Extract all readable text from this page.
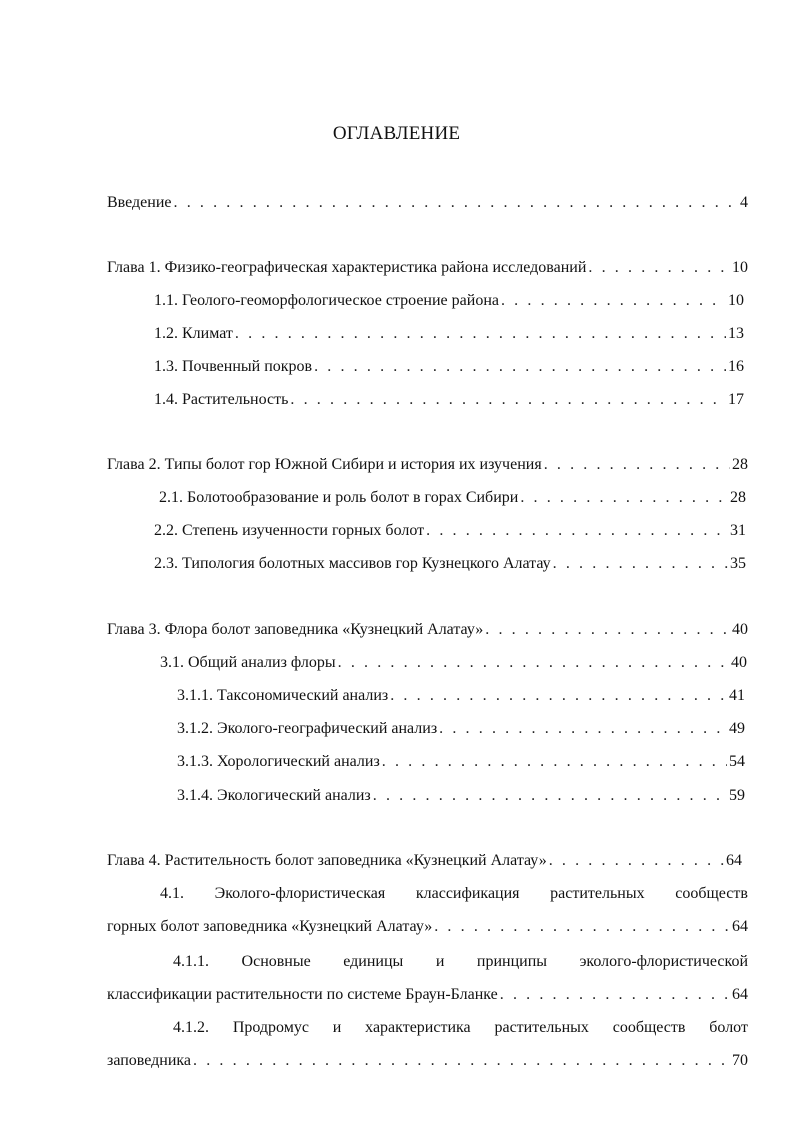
ОГЛАВЛЕНИЕ
Введение . . .	4
Глава 1. Физико-географическая характеристика района исследований . . .	10
1.1. Геолого-геоморфологическое строение района . . .	10
1.2. Климат . . .	13
1.3. Почвенный покров . . .	16
1.4. Растительность . . .	17
Глава 2. Типы болот гор Южной Сибири и история их изучения . . .	28
2.1. Болотообразование и роль болот в горах Сибири . . .	28
2.2. Степень изученности горных болот . . .	31
2.3. Типология болотных массивов гор Кузнецкого Алатау . . .	35
Глава 3. Флора болот заповедника «Кузнецкий Алатау» . . .	40
3.1. Общий анализ флоры . . .	40
3.1.1. Таксономический анализ . . .	41
3.1.2. Эколого-географический анализ . . .	49
3.1.3. Хорологический анализ . . .	54
3.1.4. Экологический анализ . . .	59
Глава 4. Растительность болот заповедника «Кузнецкий Алатау» . . .	64
4.1. Эколого-флористическая классификация растительных сообществ
горных болот заповедника «Кузнецкий Алатау» . . .	64
4.1.1. Основные единицы и принципы эколого-флористической
классификации растительности по системе Браун-Бланке . . .	64
4.1.2. Продромус и характеристика растительных сообществ болот
заповедника . . .	70
